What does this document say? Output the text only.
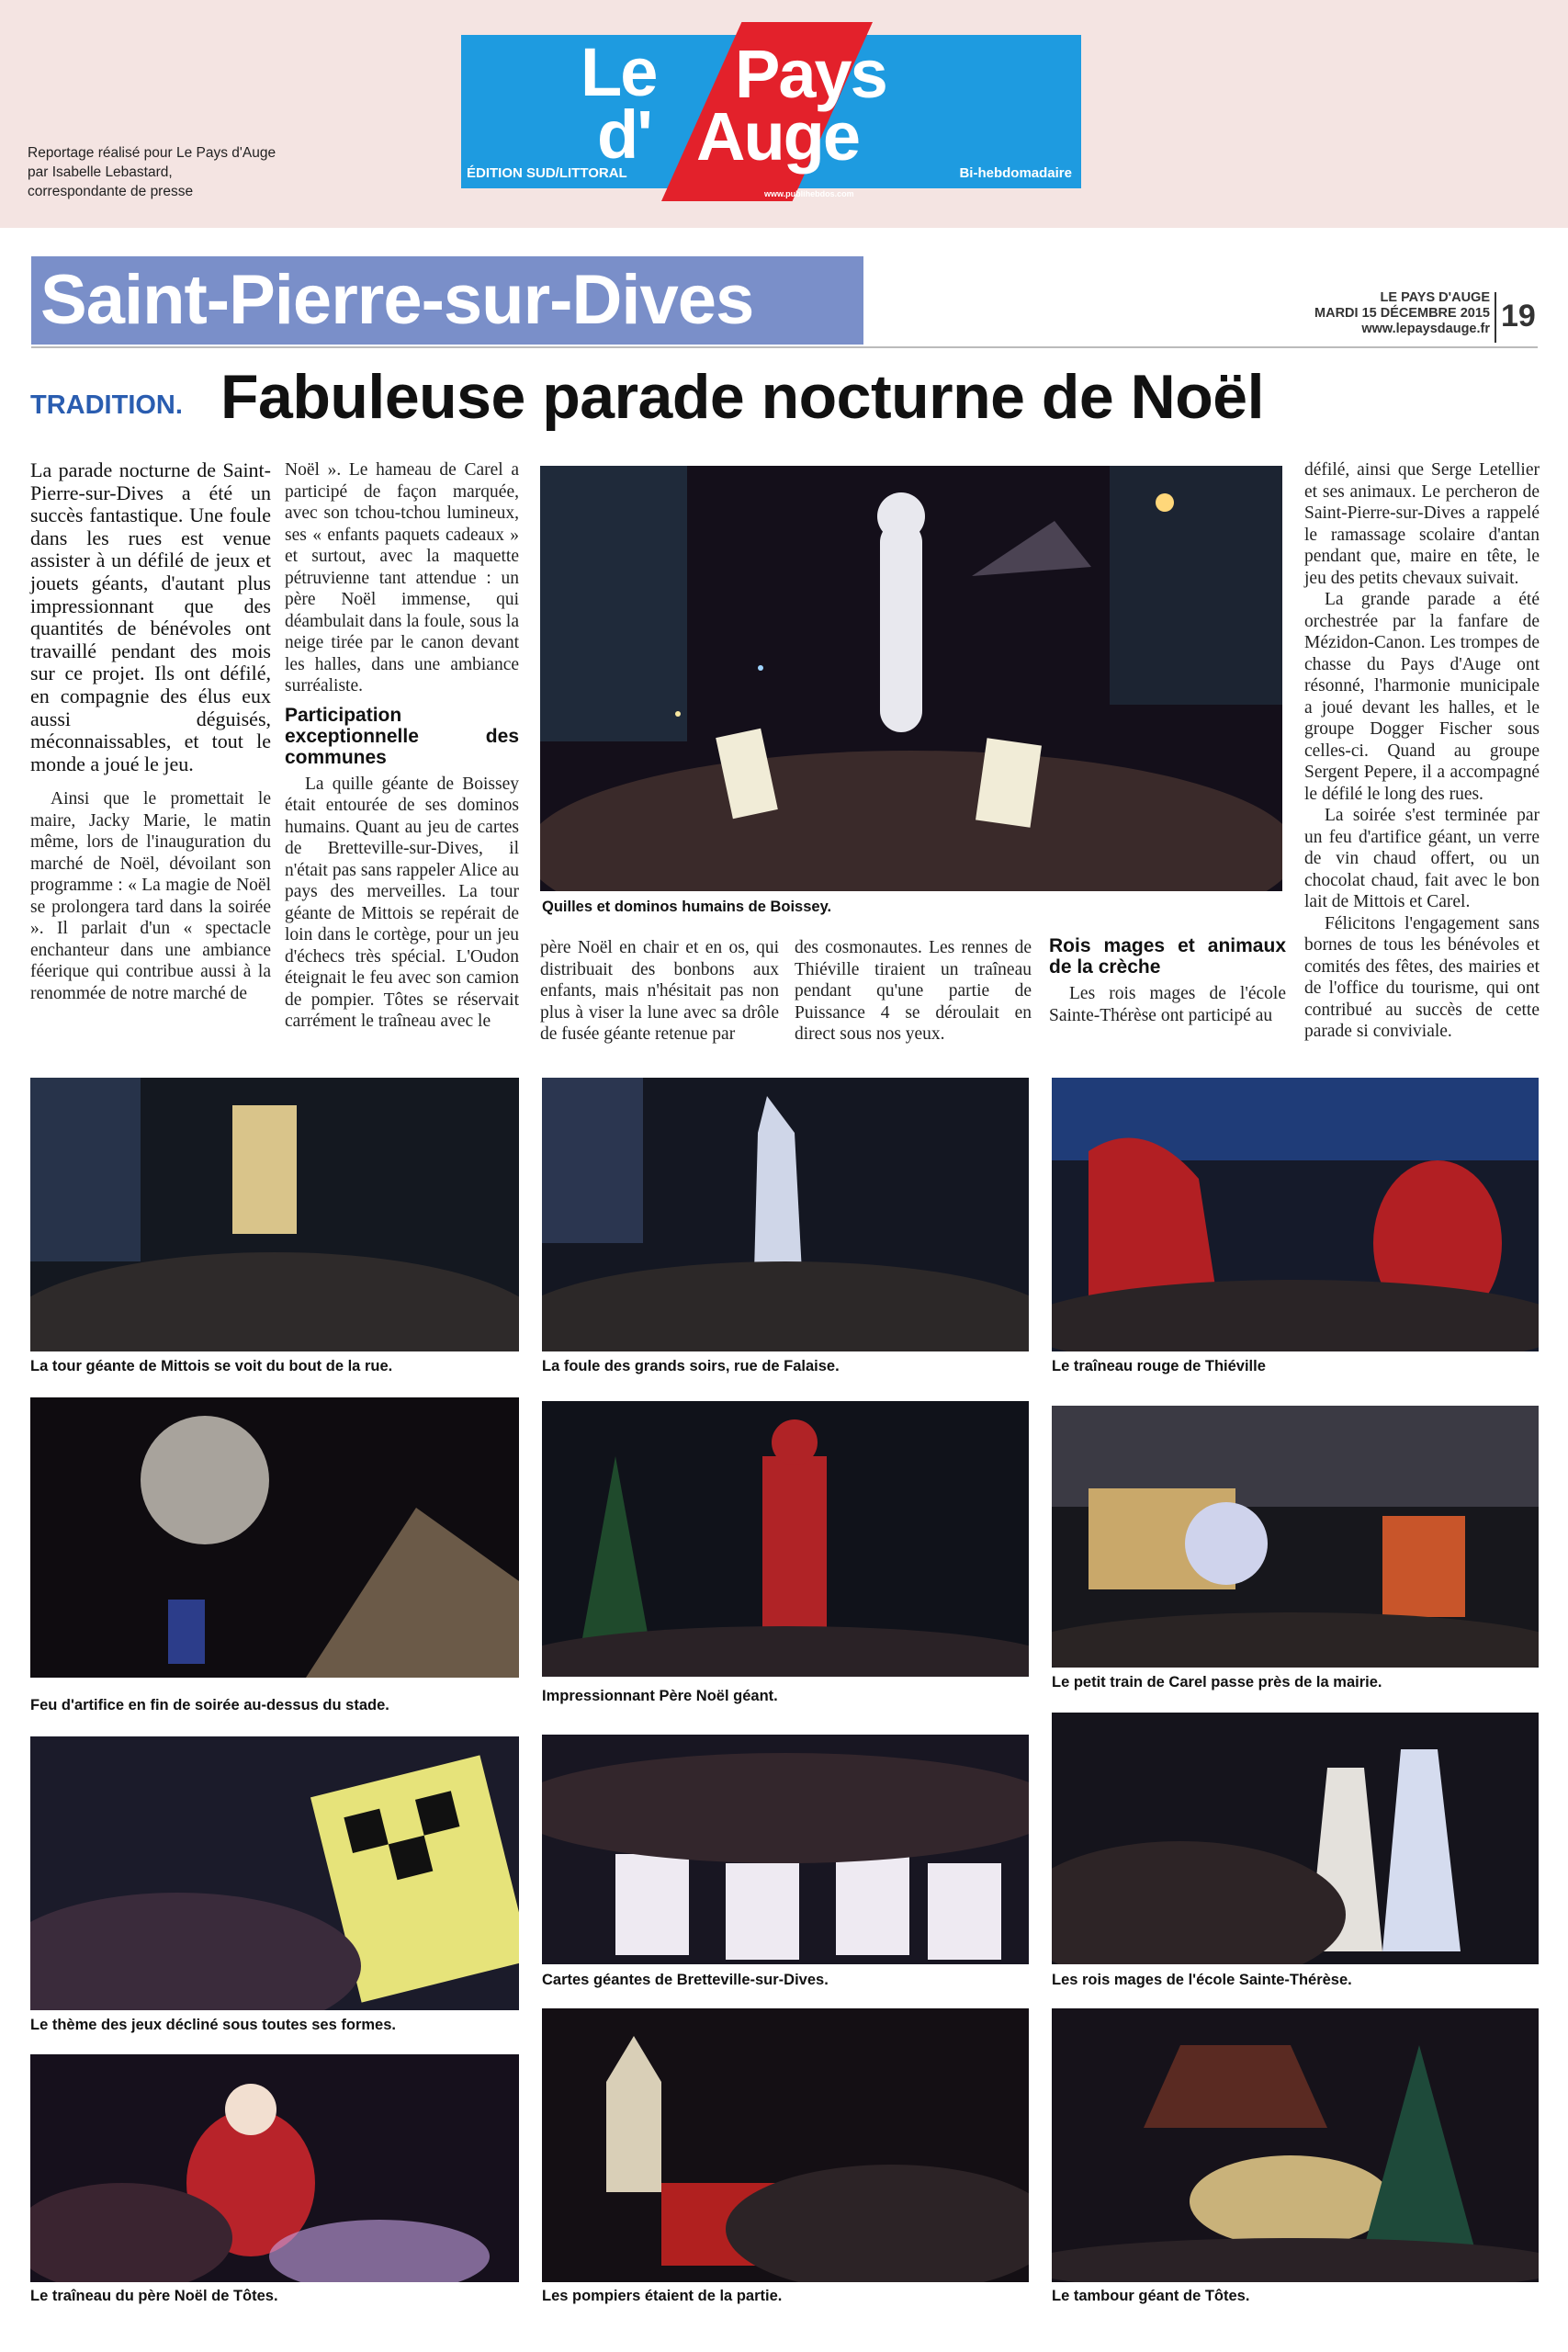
Reportage réalisé pour Le Pays d'Auge
par Isabelle Lebastard,
correspondante de presse
Le Pays
d' Auge
ÉDITION SUD/LITTORAL	Bi-hebdomadaire
www.publihebdos.com
Saint-Pierre-sur-Dives	LE PAYS D'AUGE
MARDI 15 DÉCEMBRE 2015
www.lepaysdauge.fr 19
TRADITION. Fabuleuse parade nocturne de Noël

La parade nocturne de Saint-Pierre-sur-Dives a été un succès fantastique. Une foule dans les rues est venue assister à un défilé de jeux et jouets géants, d'autant plus impressionnant que des quantités de bénévoles ont travaillé pendant des mois sur ce projet. Ils ont défilé, en compagnie des élus eux aussi déguisés, méconnaissables, et tout le monde a joué le jeu.

Ainsi que le promettait le maire, Jacky Marie, le matin même, lors de l'inauguration du marché de Noël, dévoilant son programme : « La magie de Noël se prolongera tard dans la soirée ». Il parlait d'un « spectacle enchanteur dans une ambiance féerique qui contribue aussi à la renommée de notre marché de

Noël ». Le hameau de Carel a participé de façon marquée, avec son tchou-tchou lumineux, ses « enfants paquets cadeaux » et surtout, avec la maquette pétruvienne tant attendue : un père Noël immense, qui déambulait dans la foule, sous la neige tirée par le canon devant les halles, dans une ambiance surréaliste.

Participation exceptionnelle des communes

La quille géante de Boissey était entourée de ses dominos humains. Quant au jeu de cartes de Bretteville-sur-Dives, il n'était pas sans rappeler Alice au pays des merveilles. La tour géante de Mittois se repérait de loin dans le cortège, pour un jeu d'échecs très spécial. L'Oudon éteignait le feu avec son camion de pompier. Tôtes se réservait carrément le traîneau avec le

Quilles et dominos humains de Boissey.

père Noël en chair et en os, qui distribuait des bonbons aux enfants, mais n'hésitait pas non plus à viser la lune avec sa drôle de fusée géante retenue par

des cosmonautes. Les rennes de Thiéville tiraient un traîneau pendant qu'une partie de Puissance 4 se déroulait en direct sous nos yeux.

Rois mages et animaux de la crèche

Les rois mages de l'école Sainte-Thérèse ont participé au

défilé, ainsi que Serge Letellier et ses animaux. Le percheron de Saint-Pierre-sur-Dives a rappelé le ramassage scolaire d'antan pendant que, maire en tête, le jeu des petits chevaux suivait.

La grande parade a été orchestrée par la fanfare de Mézidon-Canon. Les trompes de chasse du Pays d'Auge ont résonné, l'harmonie municipale a joué devant les halles, et le groupe Dogger Fischer sous celles-ci. Quand au groupe Sergent Pepere, il a accompagné le défilé le long des rues.

La soirée s'est terminée par un feu d'artifice géant, un verre de vin chaud offert, ou un chocolat chaud, fait avec le bon lait de Mittois et Carel.

Félicitons l'engagement sans bornes de tous les bénévoles et comités des fêtes, des mairies et de l'office du tourisme, qui ont contribué au succès de cette parade si conviviale.

La tour géante de Mittois se voit du bout de la rue.
Feu d'artifice en fin de soirée au-dessus du stade.
Le thème des jeux décliné sous toutes ses formes.
Le traîneau du père Noël de Tôtes.
La foule des grands soirs, rue de Falaise.
Impressionnant Père Noël géant.
Cartes géantes de Bretteville-sur-Dives.
Les pompiers étaient de la partie.
Le traîneau rouge de Thiéville
Le petit train de Carel passe près de la mairie.
Les rois mages de l'école Sainte-Thérèse.
Le tambour géant de Tôtes.
